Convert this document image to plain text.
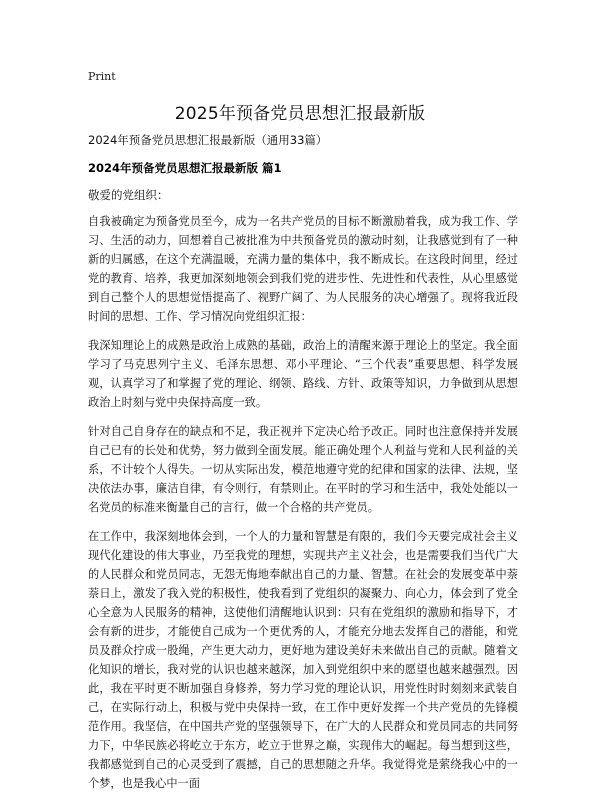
Print
2025年预备党员思想汇报最新版
2024年预备党员思想汇报最新版（通用33篇）
2024年预备党员思想汇报最新版 篇1
敬爱的党组织：

自我被确定为预备党员至今，成为一名共产党员的目标不断激励着我，成为我工作、学习、生活的动力，回想着自己被批准为中共预备党员的激动时刻，让我感觉到有了一种新的归属感，在这个充满温暖，充满力量的集体中，我不断成长。在这段时间里，经过党的教育、培养，我更加深刻地领会到我们党的进步性、先进性和代表性，从心里感觉到自己整个人的思想觉悟提高了、视野广阔了、为人民服务的决心增强了。现将我近段时间的思想、工作、学习情况向党组织汇报：

我深知理论上的成熟是政治上成熟的基础，政治上的清醒来源于理论上的坚定。我全面学习了马克思列宁主义、毛泽东思想、邓小平理论、“三个代表”重要思想、科学发展观，认真学习了和掌握了党的理论、纲领、路线、方针、政策等知识，力争做到从思想政治上时刻与党中央保持高度一致。

针对自己自身存在的缺点和不足，我正视并下定决心给予改正。同时也注意保持并发展自己已有的长处和优势，努力做到全面发展。能正确处理个人利益与党和人民利益的关系，不计较个人得失。一切从实际出发，模范地遵守党的纪律和国家的法律、法规，坚决依法办事，廉洁自律，有令则行，有禁则止。在平时的学习和生活中，我处处能以一名党员的标准来衡量自己的言行，做一个合格的共产党员。

在工作中，我深刻地体会到，一个人的力量和智慧是有限的，我们今天要完成社会主义现代化建设的伟大事业，乃至我党的理想，实现共产主义社会，也是需要我们当代广大的人民群众和党员同志，无怨无悔地奉献出自己的力量、智慧。在社会的发展变革中萘萘日上，激发了我入党的积极性，使我看到了党组织的凝聚力、向心力，体会到了党全心全意为人民服务的精神，这使他们清醒地认识到：只有在党组织的激励和指导下，才会有新的进步，才能使自己成为一个更优秀的人，才能充分地去发挥自己的潜能，和党员及群众拧成一股绳，产生更大动力，更好地为建设美好未来做出自己的贡献。随着文化知识的增长，我对党的认识也越来越深，加入到党组织中来的愿望也越来越强烈。因此，我在平时更不断加强自身修养，努力学习党的理论认识，用党性时时刻刻来武装自己，在实际行动上，积极与党中央保持一致，在工作中更好发挥一个共产党员的先锋模范作用。我坚信，在中国共产党的坚强领导下，在广大的人民群众和党员同志的共同努力下，中华民族必将屹立于东方，屹立于世界之巅，实现伟大的崛起。每当想到这些，我都感觉到自己的心灵受到了震撼，自己的思想随之升华。我觉得党是萦绕我心中的一个梦，也是我心中一面
